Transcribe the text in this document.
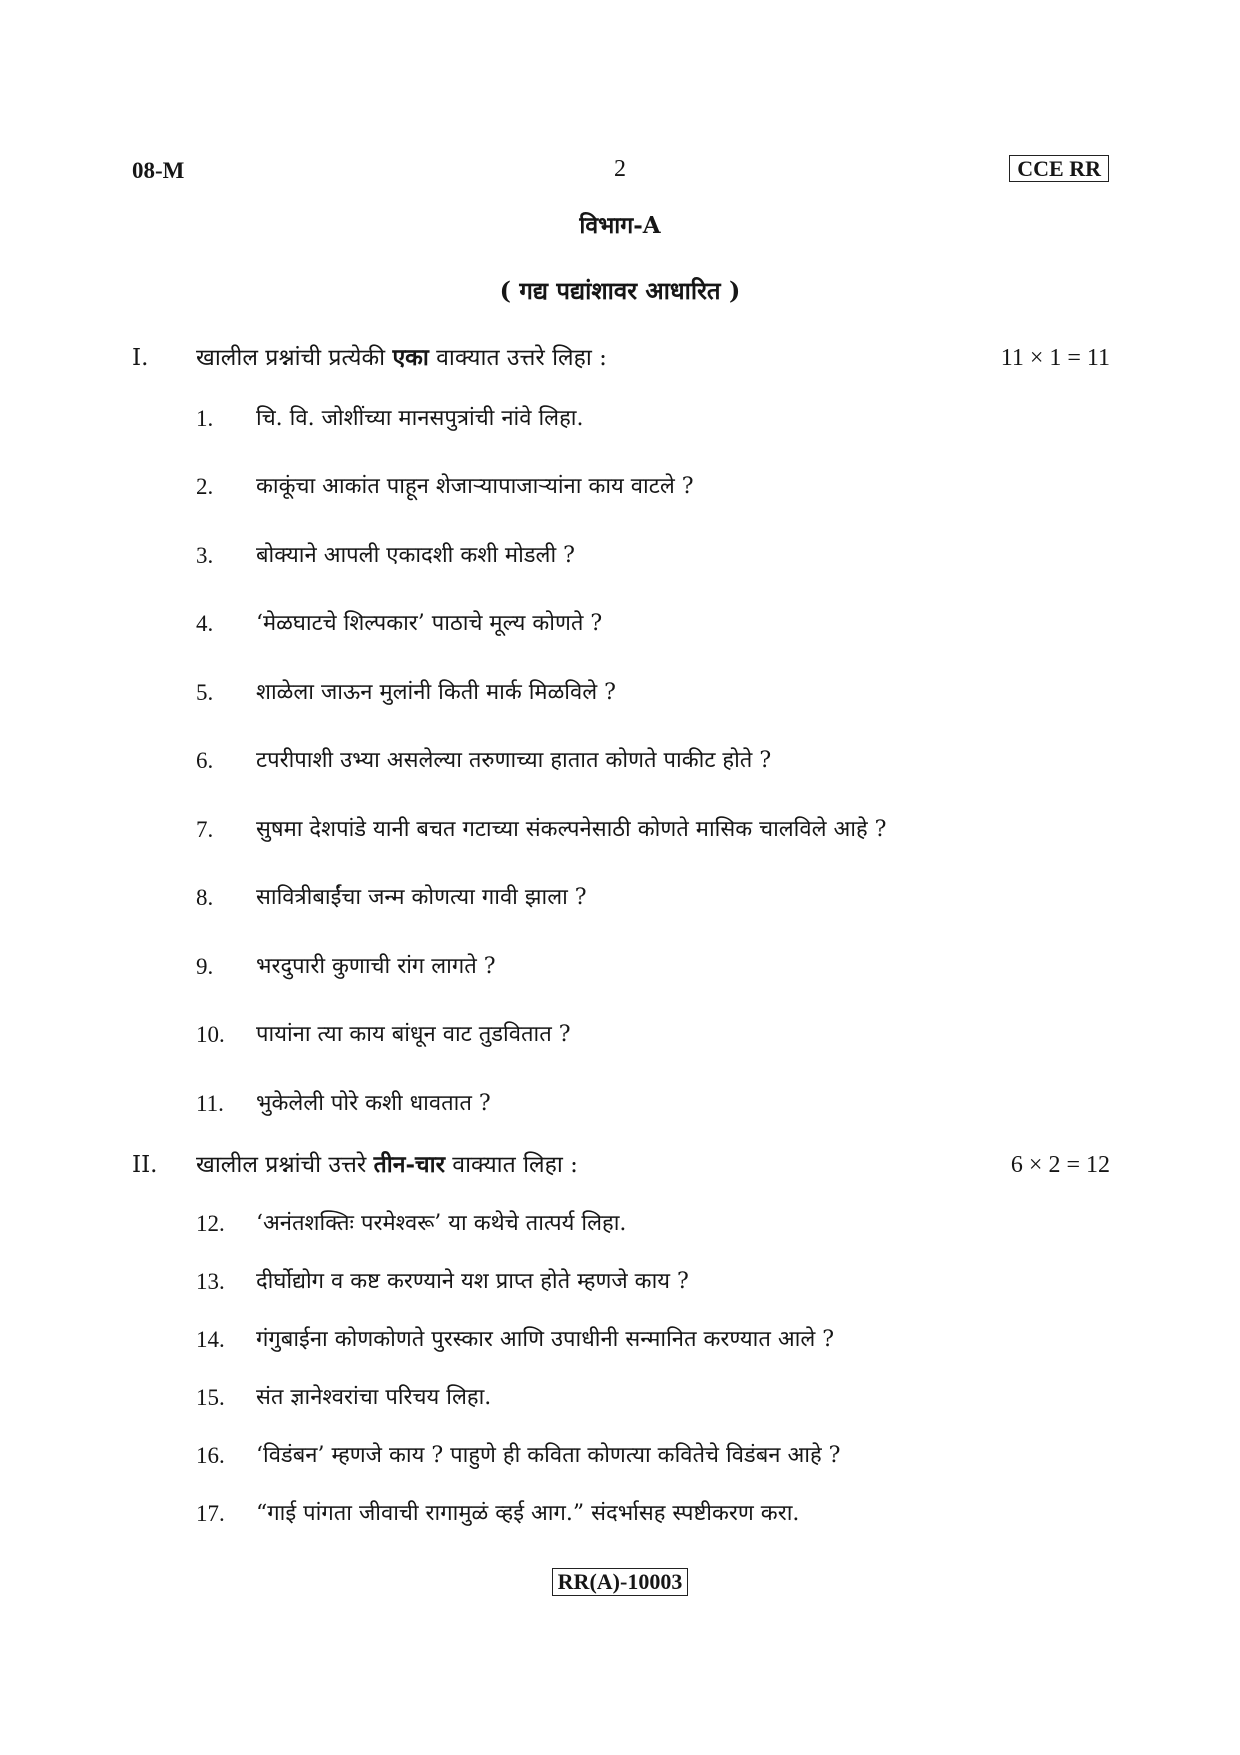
08-M	2	CCE RR
विभाग-A
( गद्य पद्यांशावर आधारित )
I. खालील प्रश्नांची प्रत्येकी एका वाक्यात उत्तरे लिहा :	11 × 1 = 11
1. चि. वि. जोशींच्या मानसपुत्रांची नांवे लिहा.
2. काकूंचा आकांत पाहून शेजाऱ्यापाजाऱ्यांना काय वाटले ?
3. बोक्याने आपली एकादशी कशी मोडली ?
4. ‘मेळघाटचे शिल्पकार’ पाठाचे मूल्य कोणते ?
5. शाळेला जाऊन मुलांनी किती मार्क मिळविले ?
6. टपरीपाशी उभ्या असलेल्या तरुणाच्या हातात कोणते पाकीट होते ?
7. सुषमा देशपांडे यानी बचत गटाच्या संकल्पनेसाठी कोणते मासिक चालविले आहे ?
8. सावित्रीबाईंचा जन्म कोणत्या गावी झाला ?
9. भरदुपारी कुणाची रांग लागते ?
10. पायांना त्या काय बांधून वाट तुडवितात ?
11. भुकेलेली पोरे कशी धावतात ?
II. खालील प्रश्नांची उत्तरे तीन-चार वाक्यात लिहा :	6 × 2 = 12
12. ‘अनंतशक्तिः परमेश्वरू’ या कथेचे तात्पर्य लिहा.
13. दीर्घोद्योग व कष्ट करण्याने यश प्राप्त होते म्हणजे काय ?
14. गंगुबाईना कोणकोणते पुरस्कार आणि उपाधीनी सन्मानित करण्यात आले ?
15. संत ज्ञानेश्वरांचा परिचय लिहा.
16. ‘विडंबन’ म्हणजे काय ? पाहुणे ही कविता कोणत्या कवितेचे विडंबन आहे ?
17. “गाई पांगता जीवाची रागामुळं व्हई आग.” संदर्भासह स्पष्टीकरण करा.
RR(A)-10003
